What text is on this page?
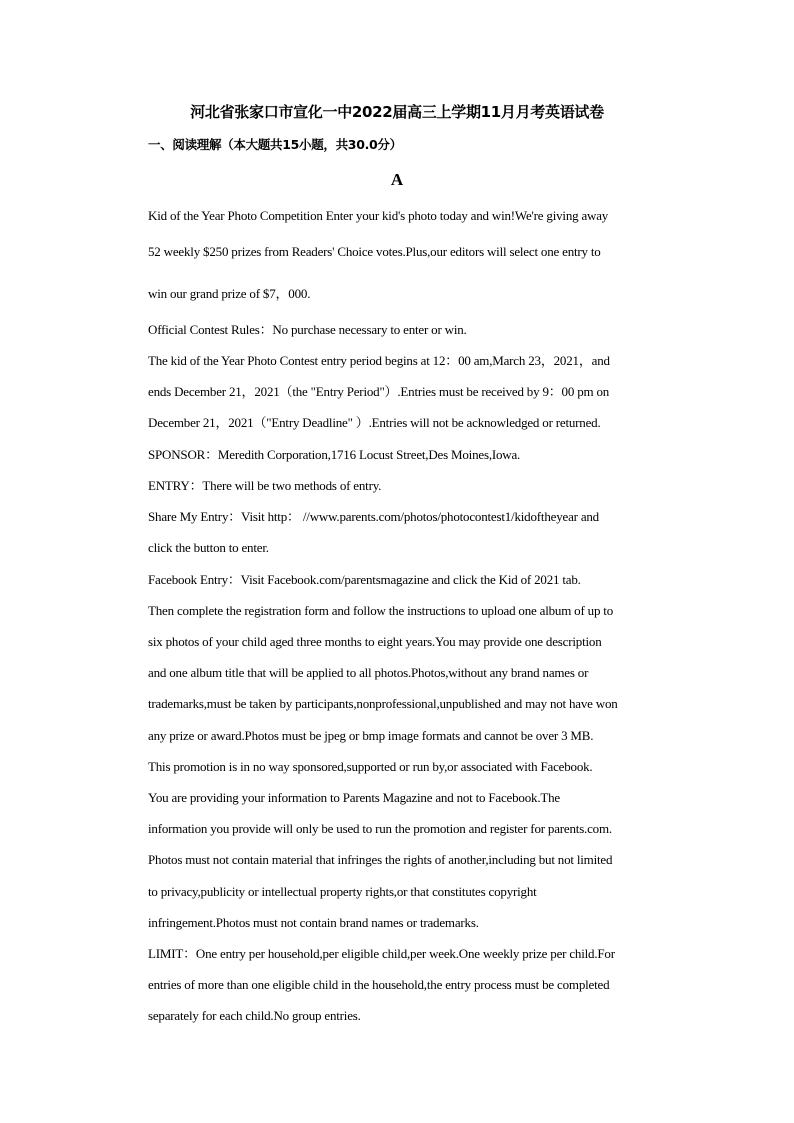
河北省张家口市宣化一中2022届高三上学期11月月考英语试卷
一、阅读理解（本大题共15小题，共30.0分）
A
Kid of the Year Photo Competition Enter your kid's photo today and win!We're giving away
52 weekly $250 prizes from Readers' Choice votes.Plus,our editors will select one entry to
win our grand prize of $7，000.
Official Contest Rules：No purchase necessary to enter or win.
The kid of the Year Photo Contest entry period begins at 12：00 am,March 23，2021，and
ends December 21，2021（the "Entry Period"）.Entries must be received by 9：00 pm on
December 21，2021（"Entry Deadline" ）.Entries will not be acknowledged or returned.
SPONSOR：Meredith Corporation,1716 Locust Street,Des Moines,Iowa.
ENTRY：There will be two methods of entry.
Share My Entry：Visit http： //www.parents.com/photos/photocontest1/kidoftheyear and
click the button to enter.
Facebook Entry：Visit Facebook.com/parentsmagazine and click the Kid of 2021 tab.
Then complete the registration form and follow the instructions to upload one album of up to
six photos of your child aged three months to eight years.You may provide one description
and one album title that will be applied to all photos.Photos,without any brand names or
trademarks,must be taken by participants,nonprofessional,unpublished and may not have won
any prize or award.Photos must be jpeg or bmp image formats and cannot be over 3 MB.
This promotion is in no way sponsored,supported or run by,or associated with Facebook.
You are providing your information to Parents Magazine and not to Facebook.The
information you provide will only be used to run the promotion and register for parents.com.
Photos must not contain material that infringes the rights of another,including but not limited
to privacy,publicity or intellectual property rights,or that constitutes copyright
infringement.Photos must not contain brand names or trademarks.
LIMIT：One entry per household,per eligible child,per week.One weekly prize per child.For
entries of more than one eligible child in the household,the entry process must be completed
separately for each child.No group entries.
